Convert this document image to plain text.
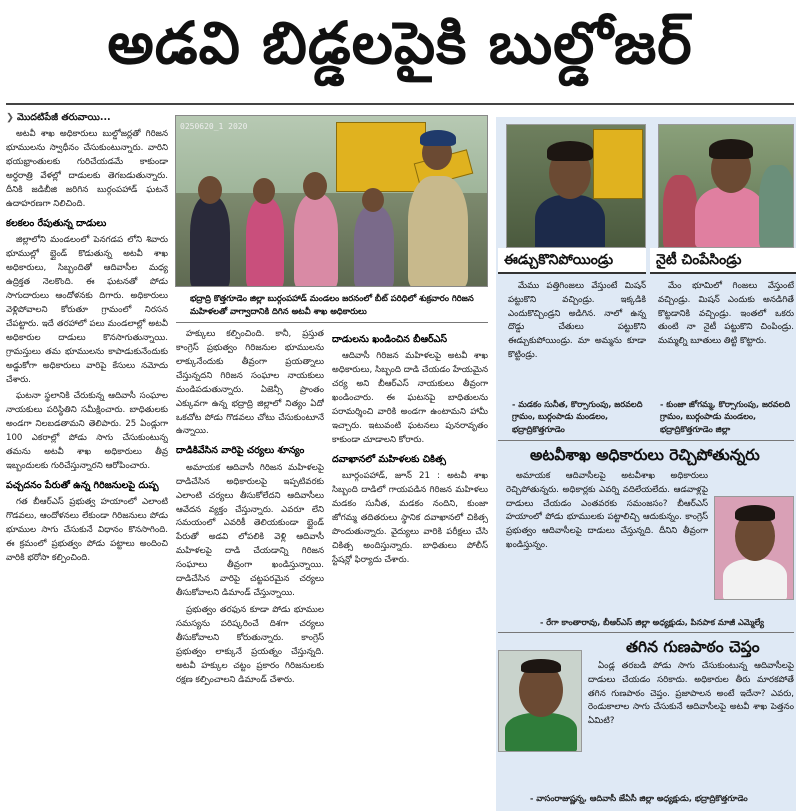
అడవి బిడ్డలపైకి బుల్డోజర్
❯ మొదటిపేజీ తరువాయి...

అటవీ శాఖ అధికారులు బుల్డోజర్లతో గిరిజన భూములను స్వాధీనం చేసుకుంటున్నారు. వారిని భయభ్రాంతులకు గురిచేయడమే కాకుండా అర్ధరాత్రి వేళల్లో దాడులకు తెగబడుతున్నారు. దీనికి జడిబీజి జరిగిన బుర్గంపహాడ్ ఘటనే ఉదాహరణగా నిలిచింది.

కలకలం రేపుతున్న దాడులు

జిల్లాలోని మండలంలో పెనగడప లోని శివారు భూముల్లో బ్లైండ్ కొడుతున్న అటవీ శాఖ అధికారులు, సిబ్బందితో ఆదివాసీల మధ్య ఉద్రిక్తత నెలకొంది. ఈ ఘటనతో పోడు సాగుదారులు ఆందోళనకు దిగారు. అధికారులు వెళ్లిపోవాలని కోరుతూ గ్రామంలో నిరసన చేపట్టారు. ఇదే తరహాలో పలు మండలాల్లో అటవీ అధికారుల దాడులు కొనసాగుతున్నాయి. గ్రామస్తులు తమ భూములను కాపాడుకునేందుకు అడ్డుకోగా అధికారులు వారిపై కేసులు నమోదు చేశారు.

ఘటనా స్థలానికి చేరుకున్న ఆదివాసీ సంఘాల నాయకులు పరిస్థితిని సమీక్షించారు. బాధితులకు అండగా నిలబడతామని తెలిపారు. 25 ఏండ్లుగా 100 ఎకరాల్లో పోడు సాగు చేసుకుంటున్న తమను అటవీ శాఖ అధికారులు తీవ్ర ఇబ్బందులకు గురిచేస్తున్నారని ఆరోపించారు.

పచ్చదనం పేరుతో ఉన్న గిరిజనులపై దుష్ప

గత బీఆర్ఎస్ ప్రభుత్వ హయాంలో ఎలాంటి గొడవలు, ఆందోళనలు లేకుండా గిరిజనులు పోడు భూముల సాగు చేసుకునే విధానం కొనసాగింది. ఈ క్రమంలో ప్రభుత్వం పోడు పట్టాలు అందించి వారికి భరోసా కల్పించింది.

0250620_1 2020
భద్రాద్రి కొత్తగూడెం జిల్లా బుర్గంపహాడ్ మండలం జరనంలో బీట్ పరిధిలో శుక్రవారం గిరిజన మహిళలతో వాగ్వాదానికి దిగిన అటవీ శాఖ అధికారులు

హక్కులు కల్పించింది. కానీ, ప్రస్తుత కాంగ్రెస్ ప్రభుత్వం గిరిజనుల భూములను లాక్కునేందుకు తీవ్రంగా ప్రయత్నాలు చేస్తున్నదని గిరిజన సంఘాల నాయకులు మండిపడుతున్నారు. ఏజెన్సీ ప్రాంతం ఎక్కువగా ఉన్న భద్రాద్రి జిల్లాలో నిత్యం ఏదో ఒకచోట పోడు గొడవలు చోటు చేసుకుంటూనే ఉన్నాయి.

దాడికివేసిన వారిపై చర్యలు శూన్యం

అమాయక ఆదివాసీ గిరిజన మహిళలపై దాడిచేసిన అధికారులపై ఇప్పటివరకు ఎలాంటి చర్యలు తీసుకోలేదని ఆదివాసీలు ఆవేదన వ్యక్తం చేస్తున్నారు. ఎవరూ లేని సమయంలో ఎవరికీ తెలియకుండా బ్లైండ్ పేరుతో అడవి లోపలికి వెళ్లి ఆదివాసీ మహిళలపై దాడి చేయడాన్ని గిరిజన సంఘాలు తీవ్రంగా ఖండిస్తున్నాయి. దాడిచేసిన వారిపై చట్టపరమైన చర్యలు తీసుకోవాలని డిమాండ్ చేస్తున్నాయి.

ప్రభుత్వం తరఫున కూడా పోడు భూముల సమస్యను పరిష్కరించే దిశగా చర్యలు తీసుకోవాలని కోరుతున్నారు. కాంగ్రెస్ ప్రభుత్వం లాక్కునే ప్రయత్నం చేస్తున్నది. అటవీ హక్కుల చట్టం ప్రకారం గిరిజనులకు రక్షణ కల్పించాలని డిమాండ్ చేశారు.

దాడులను ఖండించిన బీఆర్ఎస్

ఆదివాసీ గిరిజన మహిళలపై అటవీ శాఖ అధికారులు, సిబ్బంది దాడి చేయడం హేయమైన చర్య అని బీఆర్ఎస్ నాయకులు తీవ్రంగా ఖండించారు. ఈ ఘటనపై బాధితులను పరామర్శించి వారికి అండగా ఉంటామని హామీ ఇచ్చారు. ఇటువంటి ఘటనలు పునరావృతం కాకుండా చూడాలని కోరారు.

దవాఖానలో మహిళలకు చికిత్స

బూర్గంపహాడ్, జూన్ 21 : అటవీ శాఖ సిబ్బంది దాడిలో గాయపడిన గిరిజన మహిళలు మడకం సునీత, మడకం నందిని, కుంజా జోగమ్మ తదితరులు స్థానిక దవాఖానలో చికిత్స పొందుతున్నారు. వైద్యులు వారికి పరీక్షలు చేసి చికిత్స అందిస్తున్నారు. బాధితులు పోలీస్ స్టేషన్లో ఫిర్యాదు చేశారు.

ఈడ్చుకొనిపోయిండ్రు	నైటీ చింపేసిండ్రు

మేము పత్తిగింజలు వేస్తుంటే మిషన్ పట్టుకొని వచ్చిండ్రు. ఇక్కడికి ఎందుకొచ్చిండ్రని అడిగిన. నాలో ఉన్న దొడ్డు చేతులు పట్టుకొని ఈడ్చుకుపోయిండ్రు. మా అమ్మను కూడా కొట్టిండ్రు.

- మడకం సునీత, కొర్సాగుంపు, జరవలది గ్రామం, బుర్గంపాడు మండలం, భద్రాద్రికొత్తగూడెం

మేం భూమిలో గింజలు వేస్తుంటే వచ్చిండ్రు. మిషన్ ఎందుకు అనడిగితే కొట్టడానికి వచ్చిండ్రు. ఇంతలో ఒకరు తుంటి నా నైటీ పట్టుకొని చింపిండ్రు. మమ్మల్ని బూతులు తిట్టి కొట్టారు.

- కుంజా జోగమ్మ, కొర్సాగుంపు, జరవలది గ్రామం, బుర్గంపాడు మండలం, భద్రాద్రికొత్తగూడెం జిల్లా
అటవీశాఖ అధికారులు రెచ్చిపోతున్నరు

అమాయక ఆదివాసీలపై అటవీశాఖ అధికారులు రెచ్చిపోతున్నరు. అధికార్లకు ఎవర్ని వదిలేయలేదు. ఆడవాళ్లపై దాడులు చేయడం ఎంతవరకు సమంజసం? బీఆర్ఎస్ హయాంలో పోడు భూములకు పట్టాలిచ్చి ఆదుకున్నం. కాంగ్రెస్ ప్రభుత్వం ఆదివాసీలపై దాడులు చేస్తున్నది. దీనిని తీవ్రంగా ఖండిస్తున్నం.

- రేగా కాంతారావు, బీఆర్ఎస్ జిల్లా అధ్యక్షుడు, పినపాక మాజీ ఎమ్మెల్యే
తగిన గుణపాఠం చెప్తం

ఏండ్ల తరబడి పోడు సాగు చేసుకుంటున్న ఆదివాసీలపై దాడులు చేయడం సరికాదు. అధికారుల తీరు మారకపోతే తగిన గుణపాఠం చెప్తం. ప్రజాపాలన అంటే ఇదేనా? ఎవరు, రెండుకాలాల సాగు చేసుకునే ఆదివాసీలపై అటవీ శాఖ పెత్తనం ఏమిటి?

- వాసంరాజుష్ణన్న, ఆదివాసీ జేఏసీ జిల్లా అధ్యక్షుడు, భద్రాద్రికొత్తగూడెం
